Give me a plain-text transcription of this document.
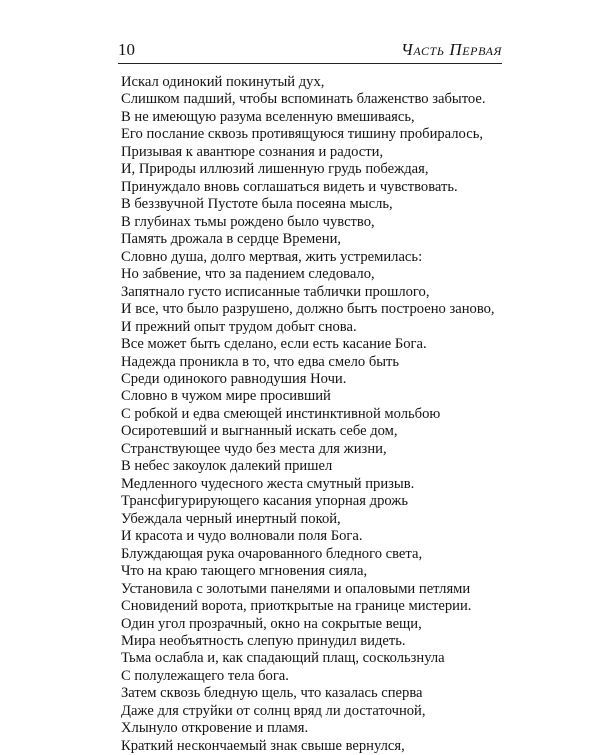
10	Часть Первая
Искал одинокий покинутый дух,
Слишком падший, чтобы вспоминать блаженство забытое.
В не имеющую разума вселенную вмешиваясь,
Его послание сквозь противящуюся тишину пробиралось,
Призывая к авантюре сознания и радости,
И, Природы иллюзий лишенную грудь побеждая,
Принуждало вновь соглашаться видеть и чувствовать.
В беззвучной Пустоте была посеяна мысль,
В глубинах тьмы рождено было чувство,
Память дрожала в сердце Времени,
Словно душа, долго мертвая, жить устремилась:
Но забвение, что за падением следовало,
Запятнало густо исписанные таблички прошлого,
И все, что было разрушено, должно быть построено заново,
И прежний опыт трудом добыт снова.
Все может быть сделано, если есть касание Бога.
Надежда проникла в то, что едва смело быть
Среди одинокого равнодушия Ночи.
Словно в чужом мире просивший
С робкой и едва смеющей инстинктивной мольбою
Осиротевший и выгнанный искать себе дом,
Странствующее чудо без места для жизни,
В небес закоулок далекий пришел
Медленного чудесного жеста смутный призыв.
Трансфигурирующего касания упорная дрожь
Убеждала черный инертный покой,
И красота и чудо волновали поля Бога.
Блуждающая рука очарованного бледного света,
Что на краю тающего мгновения сияла,
Установила с золотыми панелями и опаловыми петлями
Сновидений ворота, приоткрытые на границе мистерии.
Один угол прозрачный, окно на сокрытые вещи,
Мира необъятность слепую принудил видеть.
Тьма ослабла и, как спадающий плащ, соскользнула
С полулежащего тела бога.
Затем сквозь бледную щель, что казалась сперва
Даже для струйки от солнц вряд ли достаточной,
Хлынуло откровение и пламя.
Краткий нескончаемый знак свыше вернулся,
